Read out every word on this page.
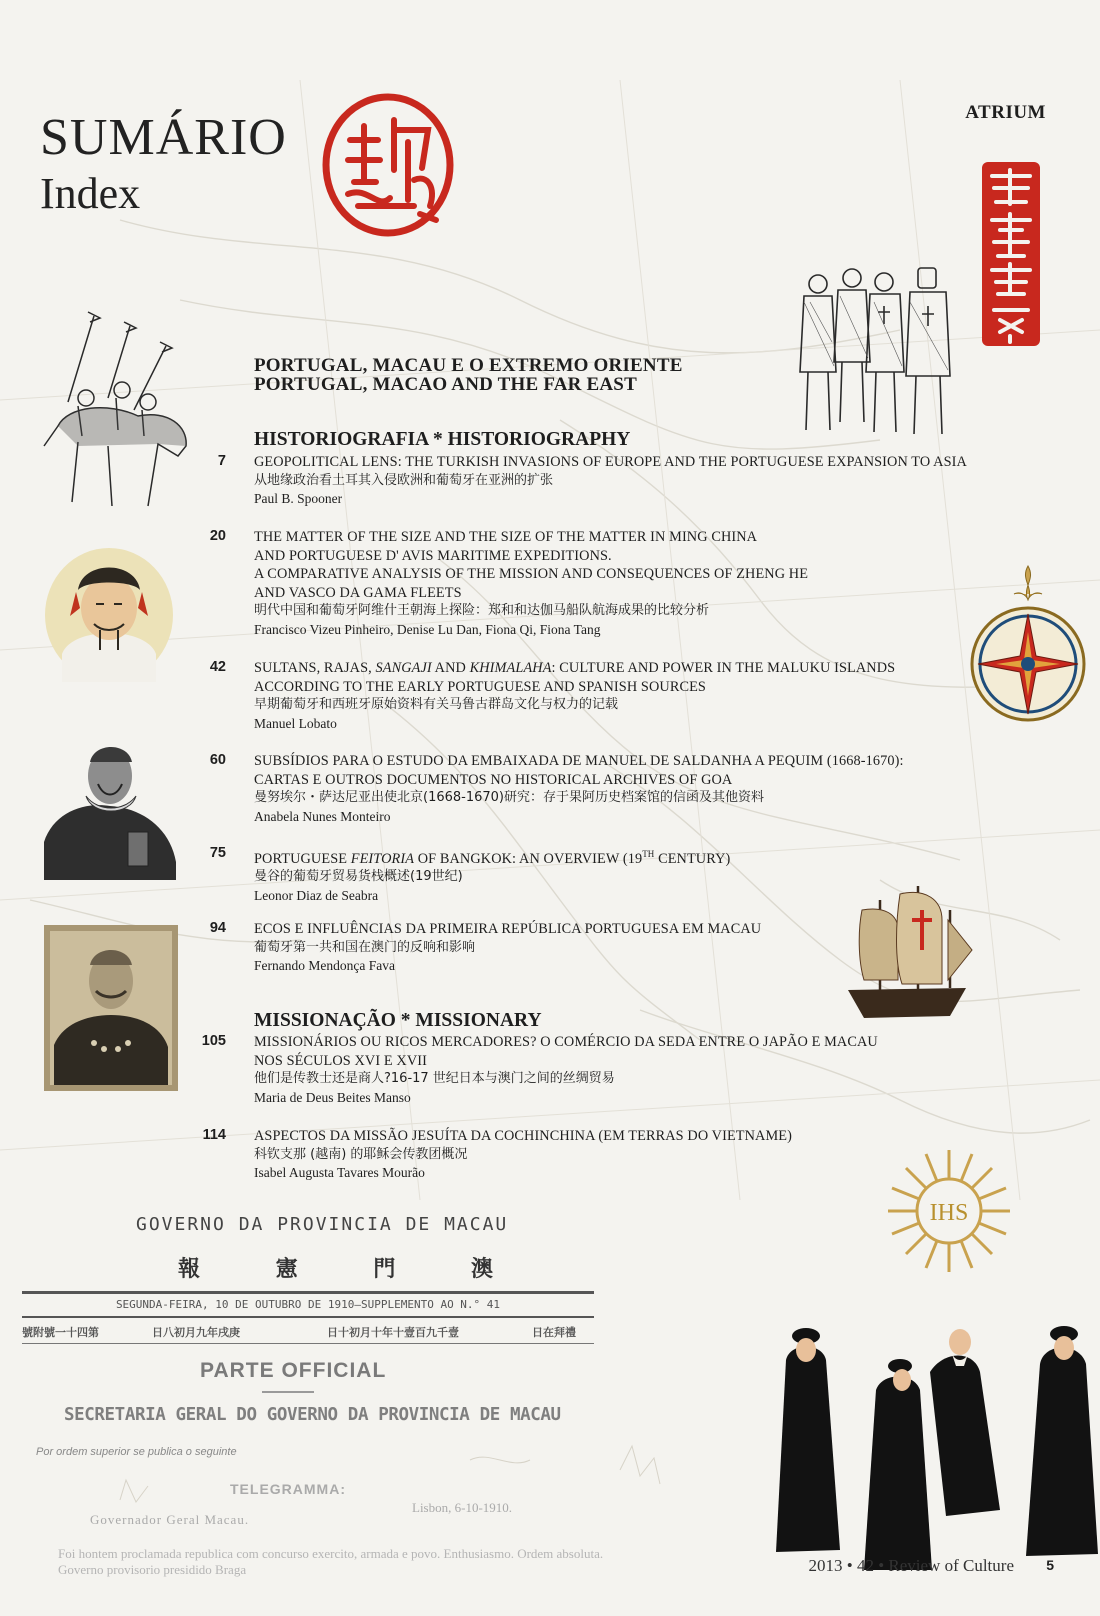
SUMÁRIO
Index
ATRIUM
IHS
PORTUGAL, MACAU E O EXTREMO ORIENTE
PORTUGAL, MACAO AND THE FAR EAST
HISTORIOGRAFIA * HISTORIOGRAPHY
7 GEOPOLITICAL LENS: THE TURKISH INVASIONS OF EUROPE AND THE PORTUGUESE EXPANSION TO ASIA
从地缘政治看土耳其入侵欧洲和葡萄牙在亚洲的扩张
Paul B. Spooner
20 THE MATTER OF THE SIZE AND THE SIZE OF THE MATTER IN MING CHINA
AND PORTUGUESE D' AVIS MARITIME EXPEDITIONS.
A COMPARATIVE ANALYSIS OF THE MISSION AND CONSEQUENCES OF ZHENG HE
AND VASCO DA GAMA FLEETS
明代中国和葡萄牙阿维什王朝海上探险：郑和和达伽马船队航海成果的比较分析
Francisco Vizeu Pinheiro, Denise Lu Dan, Fiona Qi, Fiona Tang
42 SULTANS, RAJAS, SANGAJI AND KHIMALAHA: CULTURE AND POWER IN THE MALUKU ISLANDS
ACCORDING TO THE EARLY PORTUGUESE AND SPANISH SOURCES
早期葡萄牙和西班牙原始资料有关马鲁古群岛文化与权力的记载
Manuel Lobato
60 SUBSÍDIOS PARA O ESTUDO DA EMBAIXADA DE MANUEL DE SALDANHA A PEQUIM (1668-1670):
CARTAS E OUTROS DOCUMENTOS NO HISTORICAL ARCHIVES OF GOA
曼努埃尔・萨达尼亚出使北京(1668-1670)研究：存于果阿历史档案馆的信函及其他资料
Anabela Nunes Monteiro
75 PORTUGUESE FEITORIA OF BANGKOK: AN OVERVIEW (19TH CENTURY)
曼谷的葡萄牙贸易货栈概述(19世纪)
Leonor Diaz de Seabra
94 ECOS E INFLUÊNCIAS DA PRIMEIRA REPÚBLICA PORTUGUESA EM MACAU
葡萄牙第一共和国在澳门的反响和影响
Fernando Mendonça Fava
MISSIONAÇÃO * MISSIONARY
105 MISSIONÁRIOS OU RICOS MERCADORES? O COMÉRCIO DA SEDA ENTRE O JAPÃO E MACAU
NOS SÉCULOS XVI E XVII
他们是传教士还是商人?16-17 世纪日本与澳门之间的丝绸贸易
Maria de Deus Beites Manso
114 ASPECTOS DA MISSÃO JESUÍTA DA COCHINCHINA (EM TERRAS DO VIETNAME)
科钦支那 (越南) 的耶稣会传教团概况
Isabel Augusta Tavares Mourão
GOVERNO DA PROVINCIA DE MACAU
報 憲 門 澳
SEGUNDA-FEIRA, 10 DE OUTUBRO DE 1910—SUPPLEMENTO AO N.° 41
號附號一十四第	日八初月九年戌庚	日十初月十年十壹百九千壹	日在拜禮
PARTE OFFICIAL
SECRETARIA GERAL DO GOVERNO DA PROVINCIA DE MACAU
Por ordem superior se publica o seguinte
TELEGRAMMA:
Lisbon, 6-10-1910.
Governador Geral Macau.
Foi hontem proclamada republica com concurso exercito, armada e povo. Enthusiasmo. Ordem absoluta. Governo provisorio presidido Braga	2013 • 42 • Review of Culture 5
